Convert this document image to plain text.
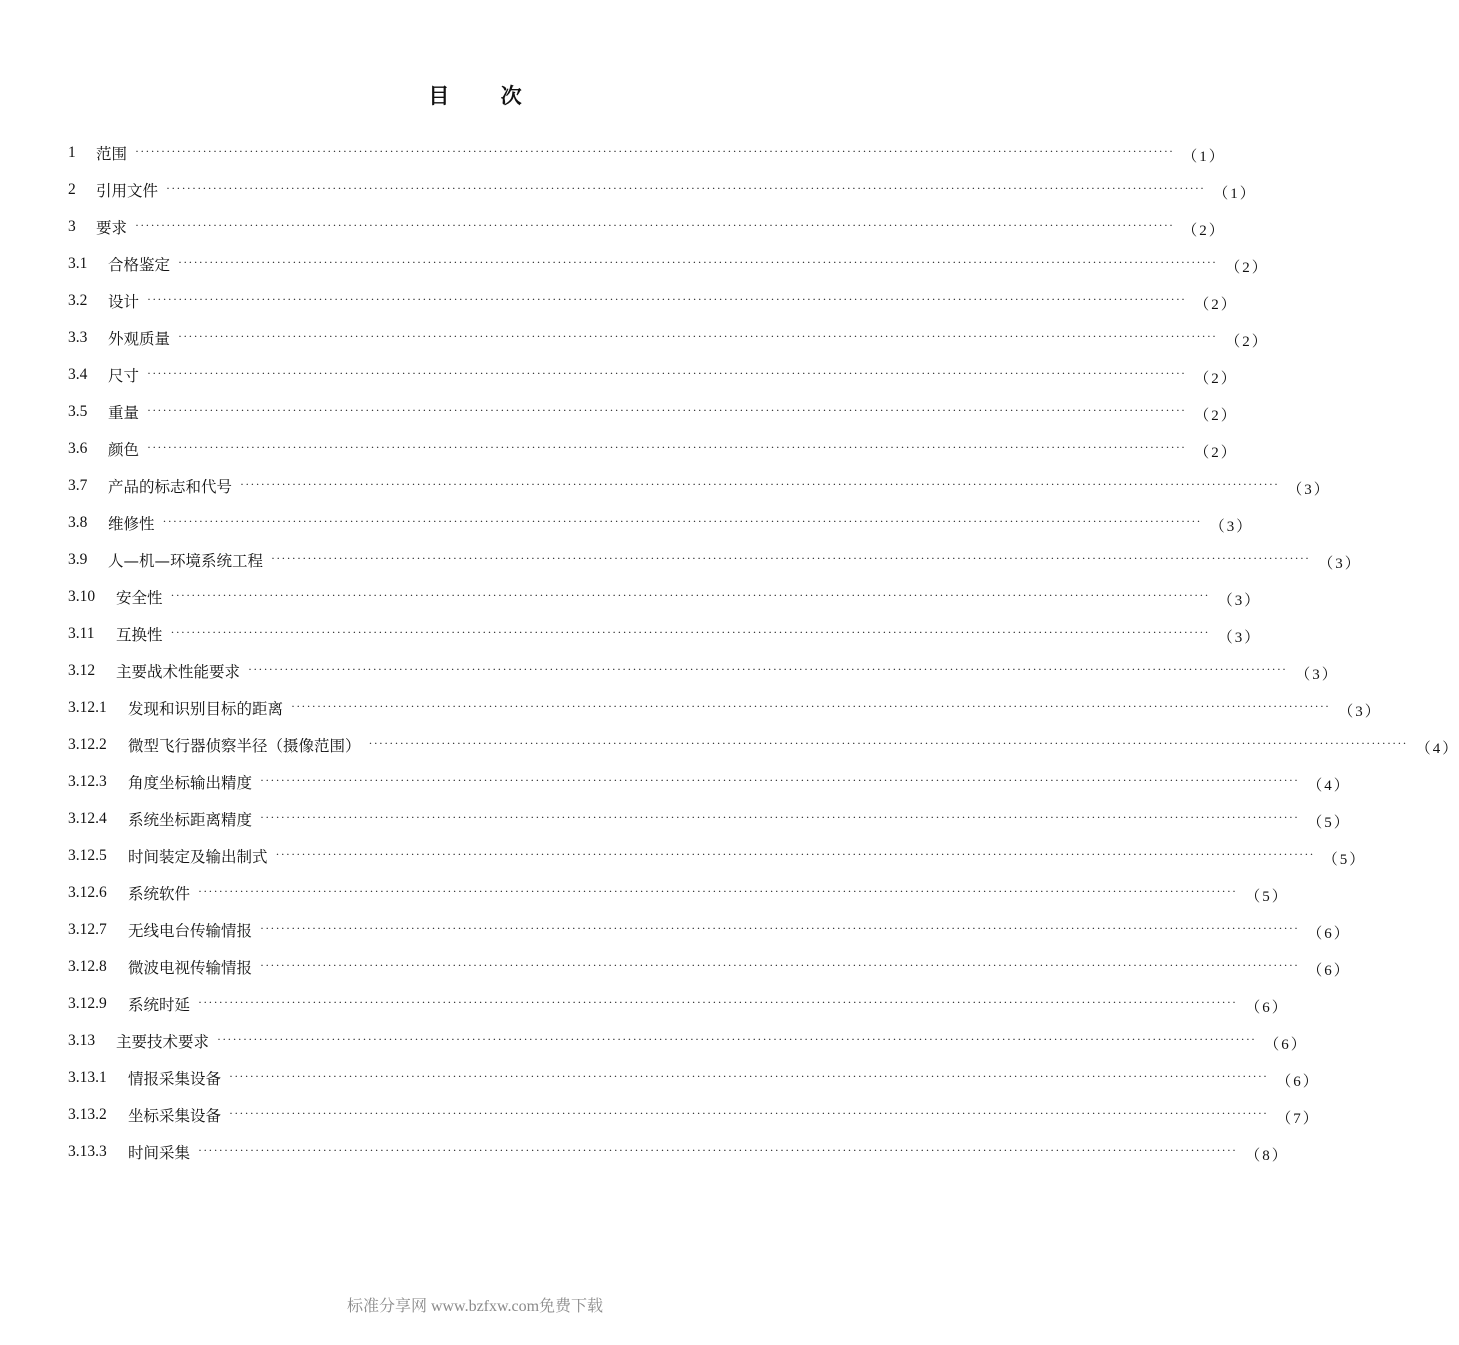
目 次
1	范围 ········································································································································································································ （1）
2	引用文件 ········································································································································································································ （1）
3	要求 ········································································································································································································ （2）
3.1	合格鉴定 ········································································································································································································ （2）
3.2	设计 ········································································································································································································ （2）
3.3	外观质量 ········································································································································································································ （2）
3.4	尺寸 ········································································································································································································ （2）
3.5	重量 ········································································································································································································ （2）
3.6	颜色 ········································································································································································································ （2）
3.7	产品的标志和代号 ········································································································································································································ （3）
3.8	维修性 ········································································································································································································ （3）
3.9	人—机—环境系统工程 ········································································································································································································ （3）
3.10	安全性 ········································································································································································································ （3）
3.11	互换性 ········································································································································································································ （3）
3.12	主要战术性能要求 ········································································································································································································ （3）
3.12.1	发现和识别目标的距离 ········································································································································································································ （3）
3.12.2	微型飞行器侦察半径（摄像范围） ········································································································································································································ （4）
3.12.3	角度坐标输出精度 ········································································································································································································ （4）
3.12.4	系统坐标距离精度 ········································································································································································································ （5）
3.12.5	时间装定及输出制式 ········································································································································································································ （5）
3.12.6	系统软件 ········································································································································································································ （5）
3.12.7	无线电台传输情报 ········································································································································································································ （6）
3.12.8	微波电视传输情报 ········································································································································································································ （6）
3.12.9	系统时延 ········································································································································································································ （6）
3.13	主要技术要求 ········································································································································································································ （6）
3.13.1	情报采集设备 ········································································································································································································ （6）
3.13.2	坐标采集设备 ········································································································································································································ （7）
3.13.3	时间采集 ········································································································································································································ （8）
标准分享网 www.bzfxw.com免费下载
